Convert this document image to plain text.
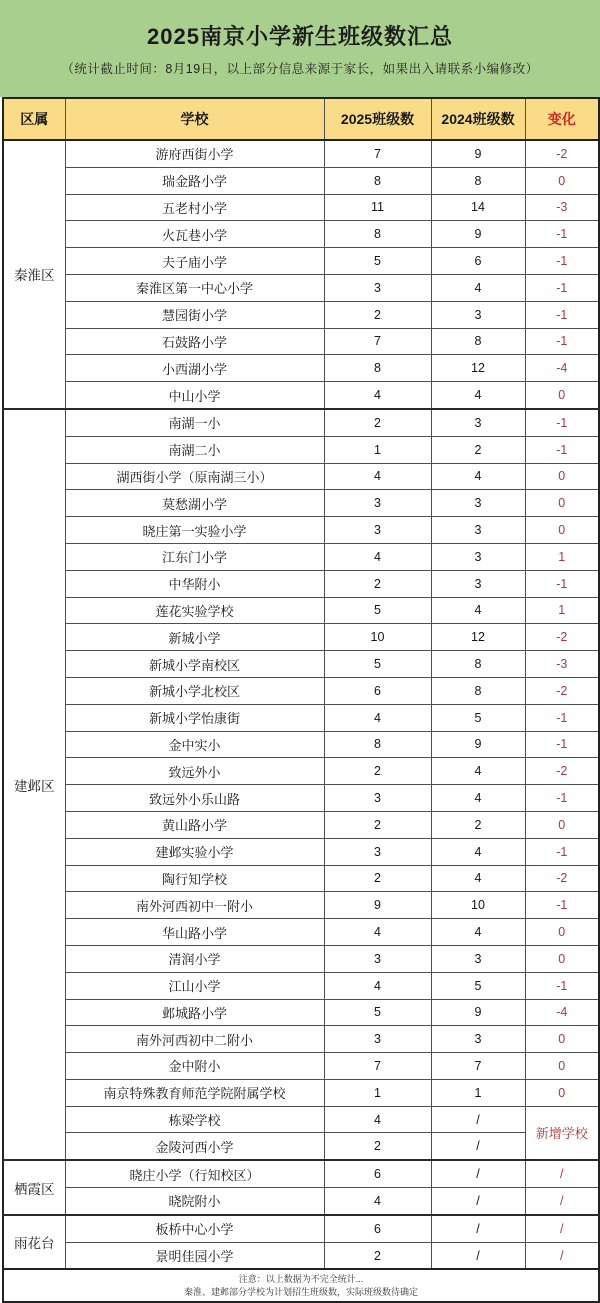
2025南京小学新生班级数汇总
（统计截止时间：8月19日，以上部分信息来源于家长，如果出入请联系小编修改）
区属	学校	2025班级数	2024班级数	变化
秦淮区	游府西街小学	7	9	-2
	瑞金路小学	8	8	0
	五老村小学	11	14	-3
	火瓦巷小学	8	9	-1
	夫子庙小学	5	6	-1
	秦淮区第一中心小学	3	4	-1
	慧园街小学	2	3	-1
	石鼓路小学	7	8	-1
	小西湖小学	8	12	-4
	中山小学	4	4	0
建邺区	南湖一小	2	3	-1
	南湖二小	1	2	-1
	湖西街小学（原南湖三小）	4	4	0
	莫愁湖小学	3	3	0
	晓庄第一实验小学	3	3	0
	江东门小学	4	3	1
	中华附小	2	3	-1
	莲花实验学校	5	4	1
	新城小学	10	12	-2
	新城小学南校区	5	8	-3
	新城小学北校区	6	8	-2
	新城小学怡康街	4	5	-1
	金中实小	8	9	-1
	致远外小	2	4	-2
	致远外小乐山路	3	4	-1
	黄山路小学	2	2	0
	建邺实验小学	3	4	-1
	陶行知学校	2	4	-2
	南外河西初中一附小	9	10	-1
	华山路小学	4	4	0
	清润小学	3	3	0
	江山小学	4	5	-1
	邺城路小学	5	9	-4
	南外河西初中二附小	3	3	0
	金中附小	7	7	0
	南京特殊教育师范学院附属学校	1	1	0
	栋梁学校	4	/	新增学校
	金陵河西小学	2	/	
栖霞区	晓庄小学（行知校区）	6	/	/
	晓院附小	4	/	/
雨花台	板桥中心小学	6	/	/
	景明佳园小学	2	/	/

注意：以上数据为不完全统计...
秦淮、建邺部分学校为计划招生班级数，实际班级数待确定				
